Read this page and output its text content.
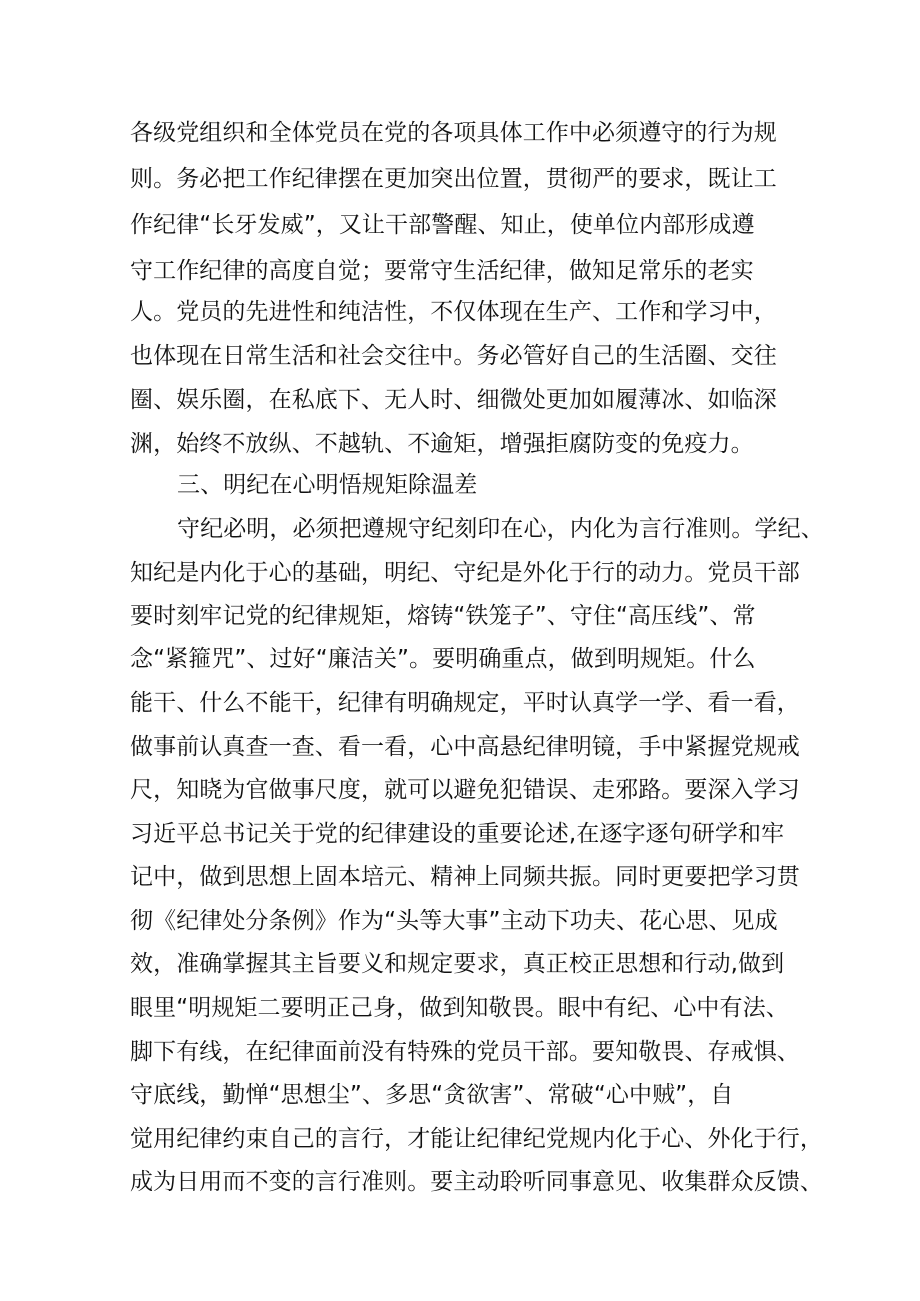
各级党组织和全体党员在党的各项具体工作中必须遵守的行为规
则。务必把工作纪律摆在更加突出位置，贯彻严的要求，既让工
作纪律“长牙发威”，又让干部警醒、知止，使单位内部形成遵
守工作纪律的高度自觉；要常守生活纪律，做知足常乐的老实
人。党员的先进性和纯洁性，不仅体现在生产、工作和学习中，
也体现在日常生活和社会交往中。务必管好自己的生活圈、交往
圈、娱乐圈，在私底下、无人时、细微处更加如履薄冰、如临深
渊，始终不放纵、不越轨、不逾矩，增强拒腐防变的免疫力。
三、明纪在心明悟规矩除温差
守纪必明，必须把遵规守纪刻印在心，内化为言行准则。学纪、
知纪是内化于心的基础，明纪、守纪是外化于行的动力。党员干部
要时刻牢记党的纪律规矩，熔铸“铁笼子”、守住“高压线”、常
念“紧箍咒”、过好“廉洁关”。要明确重点，做到明规矩。什么
能干、什么不能干，纪律有明确规定，平时认真学一学、看一看，
做事前认真查一查、看一看，心中高悬纪律明镜，手中紧握党规戒
尺，知晓为官做事尺度，就可以避免犯错误、走邪路。要深入学习
习近平总书记关于党的纪律建设的重要论述,在逐字逐句研学和牢
记中，做到思想上固本培元、精神上同频共振。同时更要把学习贯
彻《纪律处分条例》作为“头等大事”主动下功夫、花心思、见成
效，准确掌握其主旨要义和规定要求，真正校正思想和行动,做到
眼里“明规矩二要明正己身，做到知敬畏。眼中有纪、心中有法、
脚下有线，在纪律面前没有特殊的党员干部。要知敬畏、存戒惧、
守底线，勤惮“思想尘”、多思“贪欲害”、常破“心中贼”，自
觉用纪律约束自己的言行，才能让纪律纪党规内化于心、外化于行，
成为日用而不变的言行准则。要主动聆听同事意见、收集群众反馈、
